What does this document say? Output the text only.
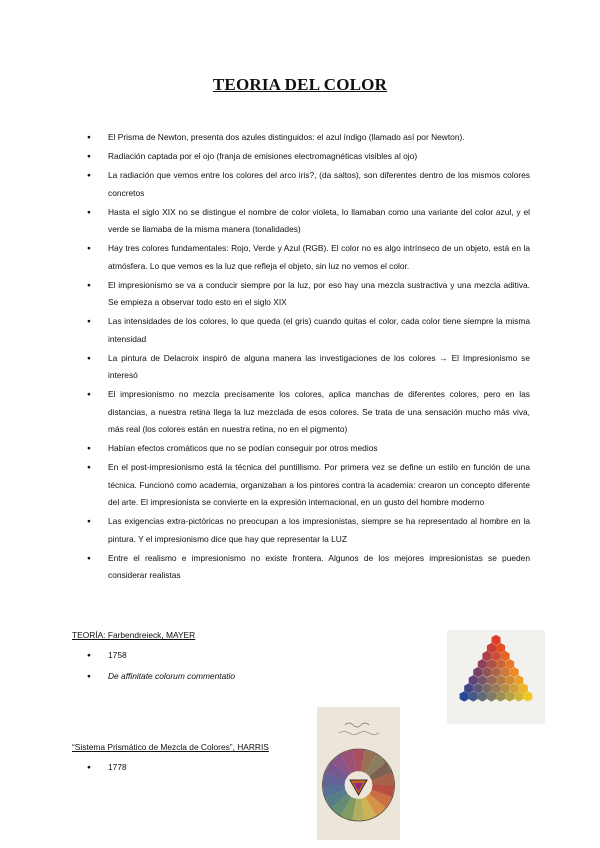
TEORIA DEL COLOR
● El Prisma de Newton, presenta dos azules distinguidos: el azul índigo (llamado así por Newton).
● Radiación captada por el ojo (franja de emisiones electromagnéticas visibles al ojo)
● La radiación que vemos entre los colores del arco iris?, (da saltos), son diferentes dentro de los mismos colores concretos
● Hasta el siglo XIX no se distingue el nombre de color violeta, lo llamaban como una variante del color azul, y el verde se llamaba de la misma manera (tonalidades)
● Hay tres colores fundamentales: Rojo, Verde y Azul (RGB). El color no es algo intrínseco de un objeto, está en la atmósfera. Lo que vemos es la luz que refleja el objeto, sin luz no vemos el color.
● El impresionismo se va a conducir siempre por la luz, por eso hay una mezcla sustractiva y una mezcla aditiva. Se empieza a observar todo esto en el siglo XIX
● Las intensidades de los colores, lo que queda (el gris) cuando quitas el color, cada color tiene siempre la misma intensidad
● La pintura de Delacroix inspiró de alguna manera las investigaciones de los colores → El Impresionismo se interesó
● El impresionismo no mezcla precisamente los colores, aplica manchas de diferentes colores, pero en las distancias, a nuestra retina llega la luz mezclada de esos colores. Se trata de una sensación mucho más viva, más real (los colores están en nuestra retina, no en el pigmento)
● Habían efectos cromáticos que no se podían conseguir por otros medios
● En el post-impresionismo está la técnica del puntillismo. Por primera vez se define un estilo en función de una técnica. Funcionó como academia, organizaban a los pintores contra la academia: crearon un concepto diferente del arte. El impresionista se convierte en la expresión internacional, en un gusto del hombre moderno
● Las exigencias extra-pictóricas no preocupan a los impresionistas, siempre se ha representado al hombre en la pintura. Y el impresionismo dice que hay que representar la LUZ
● Entre el realismo e impresionismo no existe frontera. Algunos de los mejores impresionistas se pueden considerar realistas
TEORÍA: Farbendreieck, MAYER
● 1758
● De affinitate colorum commentatio
“Sistema Prismático de Mezcla de Colores”, HARRIS
● 1778
